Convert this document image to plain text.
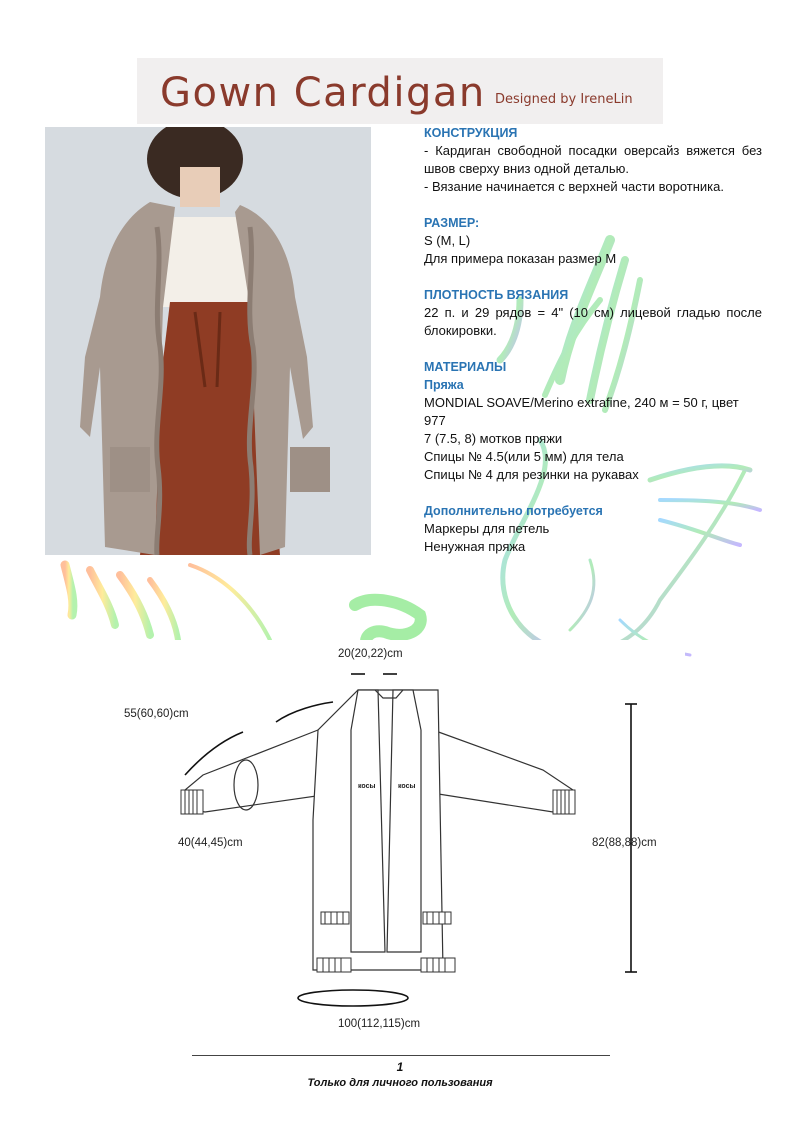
Gown Cardigan Designed by IreneLin

КОНСТРУКЦИЯ

- Кардиган свободной посадки оверсайз вяжется без швов сверху вниз одной деталью.

- Вязание начинается с верхней части воротника.

РАЗМЕР:

S (M, L)

Для примера показан размер M

ПЛОТНОСТЬ ВЯЗАНИЯ

22 п. и 29 рядов = 4" (10 см) лицевой гладью после блокировки.

МАТЕРИАЛЫ

Пряжа

MONDIAL SOAVE/Merino extrafine, 240 м = 50 г, цвет 977

7 (7.5, 8) мотков пряжи

Спицы № 4.5(или 5 мм) для тела

Спицы № 4 для резинки на рукавах

Дополнительно потребуется

Маркеры для петель

Ненужная пряжа

20(20,22)cm
55(60,60)cm
40(44,45)cm	82(88,88)cm
100(112,115)cm
косы	косы
1
Только для личного пользования
